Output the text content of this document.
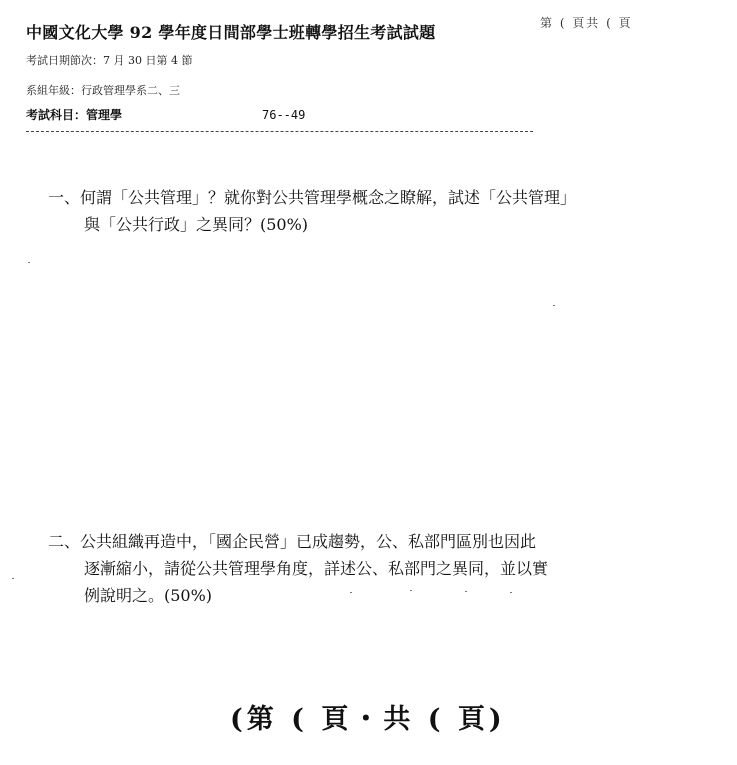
中國文化大學 92 學年度日間部學士班轉學招生考試試題	第 ( 頁共 ( 頁
考試日期節次：7 月 30 日第 4 節
系組年級：行政管理學系二、三
考試科目：管理學	76--49
一、何謂「公共管理」？就你對公共管理學概念之瞭解，試述「公共管理」
與「公共行政」之異同？(50%)
二、公共組織再造中，「國企民營」已成趨勢，公、私部門區別也因此
逐漸縮小，請從公共管理學角度，詳述公、私部門之異同，並以實
例說明之。(50%)
(第 ( 頁・共 ( 頁)
